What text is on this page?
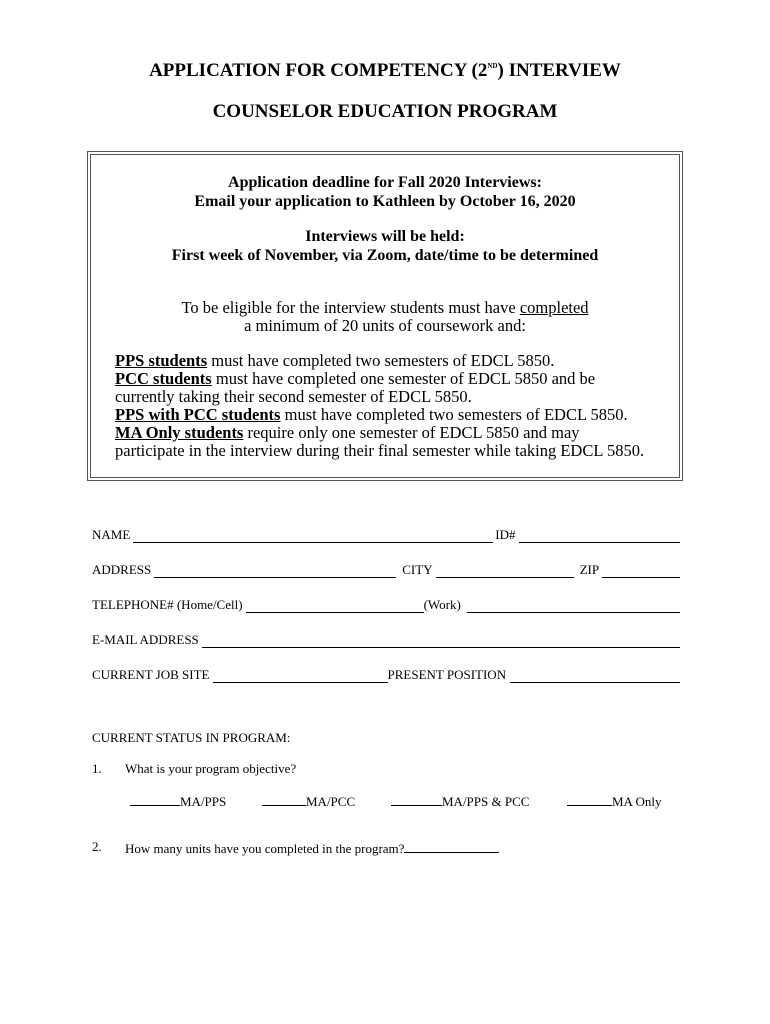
APPLICATION FOR COMPETENCY (2ND) INTERVIEW
COUNSELOR EDUCATION PROGRAM
Application deadline for Fall 2020 Interviews:
Email your application to Kathleen by October 16, 2020
Interviews will be held:
First week of November, via Zoom, date/time to be determined
To be eligible for the interview students must have completed
a minimum of 20 units of coursework and:
PPS students must have completed two semesters of EDCL 5850.
PCC students must have completed one semester of EDCL 5850 and be
currently taking their second semester of EDCL 5850.
PPS with PCC students must have completed two semesters of EDCL 5850.
MA Only students require only one semester of EDCL 5850 and may
participate in the interview during their final semester while taking EDCL 5850.
NAME	ID#
ADDRESS	CITY	ZIP
TELEPHONE# (Home/Cell)	(Work)
E-MAIL ADDRESS
CURRENT JOB SITE	PRESENT POSITION
CURRENT STATUS IN PROGRAM:
1. What is your program objective?
MA/PPS	MA/PCC	MA/PPS & PCC	MA Only
2. How many units have you completed in the program?
